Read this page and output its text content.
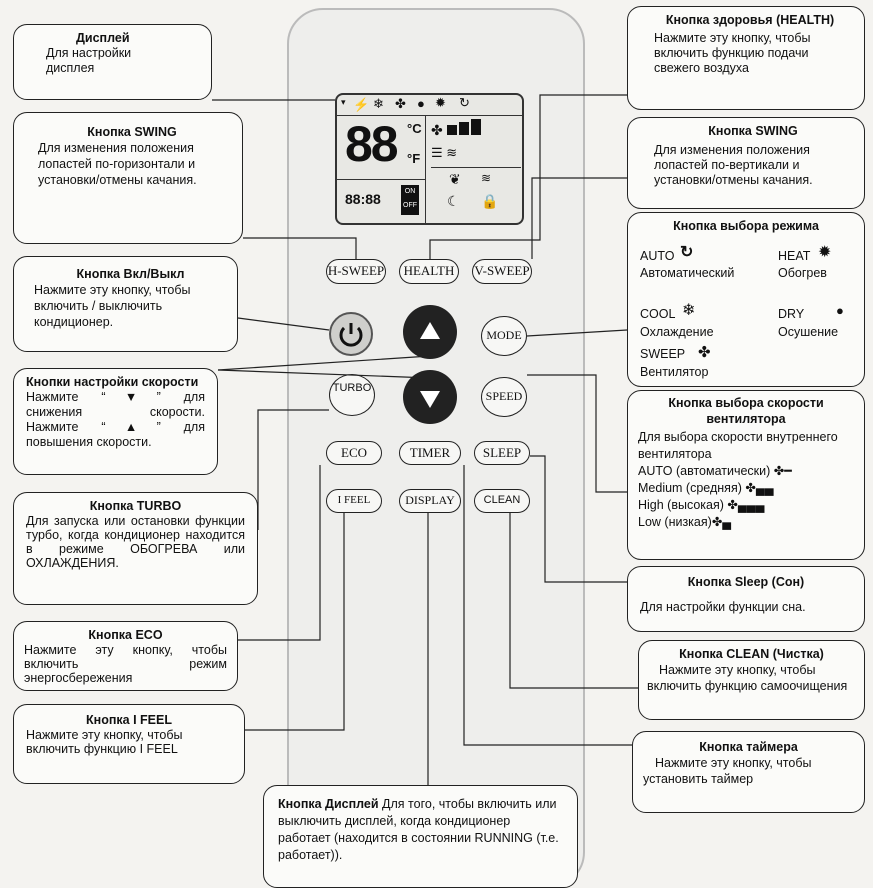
▾ ⚡ ❄ ✤ ● ✹ ↻
88 °C
°F
✤
☰ ≋
❦ ≋
☾ 🔒
88:88	ON
OFF
H-SWEEP	HEALTH	V-SWEEP
MODE
TURBO
SPEED
ECO	TIMER	SLEEP
I FEEL	DISPLAY	CLEAN
Дисплей
Для настройки дисплея
Кнопка SWING
Для изменения положения лопастей по-горизонтали и установки/отмены качания.
Кнопка Вкл/Выкл
Нажмите эту кнопку, чтобы включить / выключить кондиционер.
Кнопки настройки скорости
Нажмите “▼” для
снижения скорости.
Нажмите “▲” для
повышения скорости.
Кнопка TURBO
Для запуска или остановки функции турбо, когда кондиционер находится в режиме ОБОГРЕВА или ОХЛАЖДЕНИЯ.
Кнопка ECO
Нажмите эту кнопку, чтобы включить режим энергосбережения
Кнопка I FEEL
Нажмите эту кнопку, чтобы включить функцию I FEEL
Кнопка Дисплей Для того, чтобы включить или выключить дисплей, когда кондиционер работает (находится в состоянии RUNNING (т.е. работает)).
Кнопка здоровья (HEALTH)
Нажмите эту кнопку, чтобы включить функцию подачи свежего воздуха
Кнопка SWING
Для изменения положения лопастей по-вертикали и установки/отмены качания.
Кнопка выбора режима
AUTO ↻
Автоматический
HEAT ✹
Обогрев
COOL ❄
Охлаждение
DRY ●
Осушение
SWEEP ✤
Вентилятор
Кнопка выбора скорости вентилятора
Для выбора скорости внутреннего вентилятора
AUTO (автоматически) ✤━
Medium (средняя) ✤▄▄
High (высокая) ✤▄▄▄
Low (низкая)✤▄
Кнопка Sleep (Сон)
Для настройки функции сна.
Кнопка CLEAN (Чистка)
Нажмите эту кнопку, чтобы включить функцию самоочищения
Кнопка таймера
Нажмите эту кнопку, чтобы установить таймер
